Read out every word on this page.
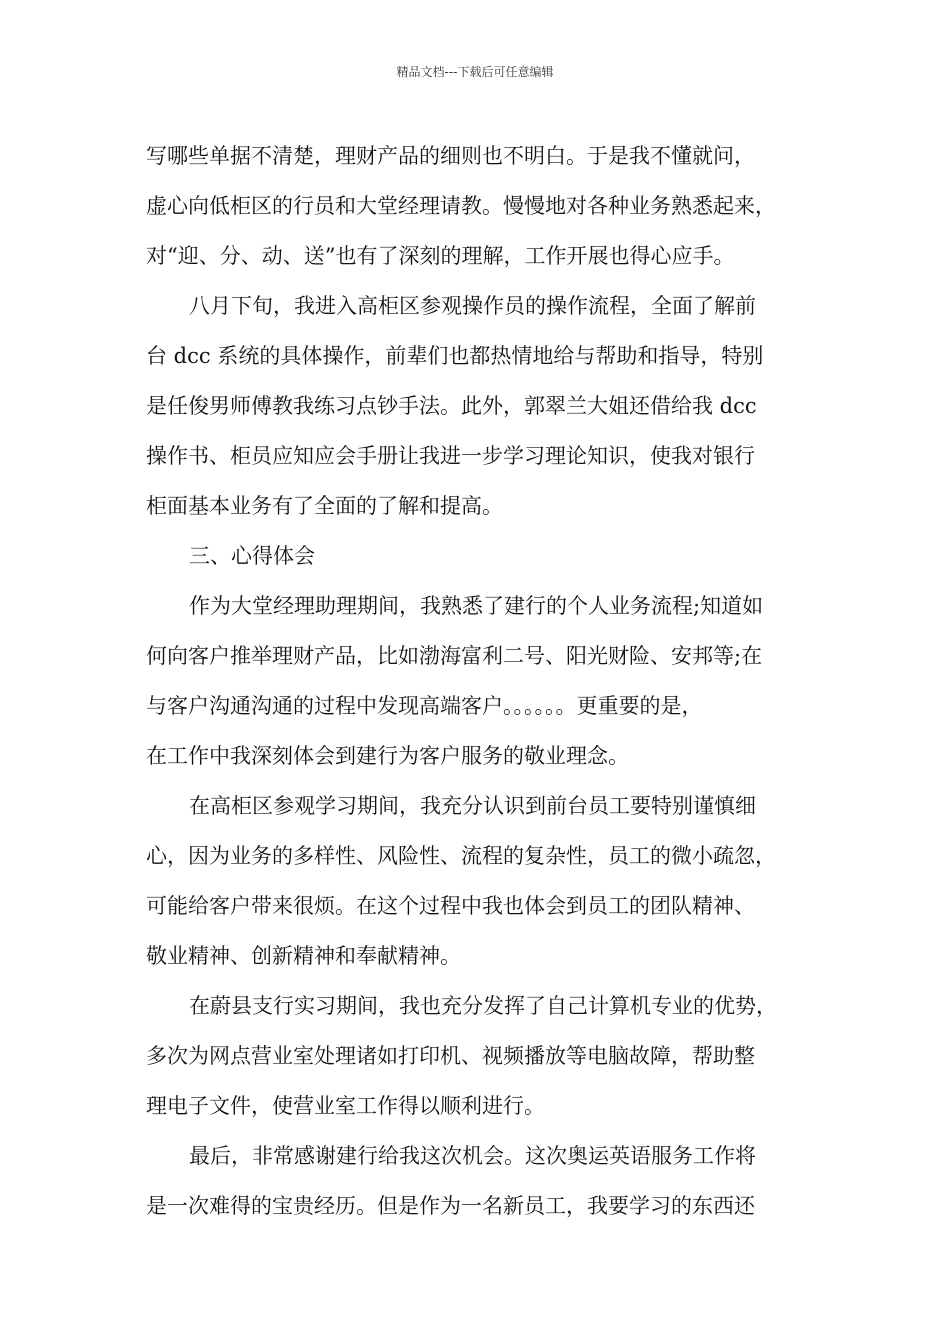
精品文档---下载后可任意编辑
写哪些单据不清楚，理财产品的细则也不明白。于是我不懂就问，
虚心向低柜区的行员和大堂经理请教。慢慢地对各种业务熟悉起来，
对“迎、分、动、送”也有了深刻的理解，工作开展也得心应手。
八月下旬，我进入高柜区参观操作员的操作流程，全面了解前
台 dcc 系统的具体操作，前辈们也都热情地给与帮助和指导，特别
是任俊男师傅教我练习点钞手法。此外，郭翠兰大姐还借给我 dcc
操作书、柜员应知应会手册让我进一步学习理论知识，使我对银行
柜面基本业务有了全面的了解和提高。
三、心得体会
作为大堂经理助理期间，我熟悉了建行的个人业务流程;知道如
何向客户推举理财产品，比如渤海富利二号、阳光财险、安邦等;在
与客户沟通沟通的过程中发现高端客户。。。。。。更重要的是，
在工作中我深刻体会到建行为客户服务的敬业理念。
在高柜区参观学习期间，我充分认识到前台员工要特别谨慎细
心，因为业务的多样性、风险性、流程的复杂性，员工的微小疏忽，
可能给客户带来很烦。在这个过程中我也体会到员工的团队精神、
敬业精神、创新精神和奉献精神。
在蔚县支行实习期间，我也充分发挥了自己计算机专业的优势，
多次为网点营业室处理诸如打印机、视频播放等电脑故障，帮助整
理电子文件，使营业室工作得以顺利进行。
最后，非常感谢建行给我这次机会。这次奥运英语服务工作将
是一次难得的宝贵经历。但是作为一名新员工，我要学习的东西还
